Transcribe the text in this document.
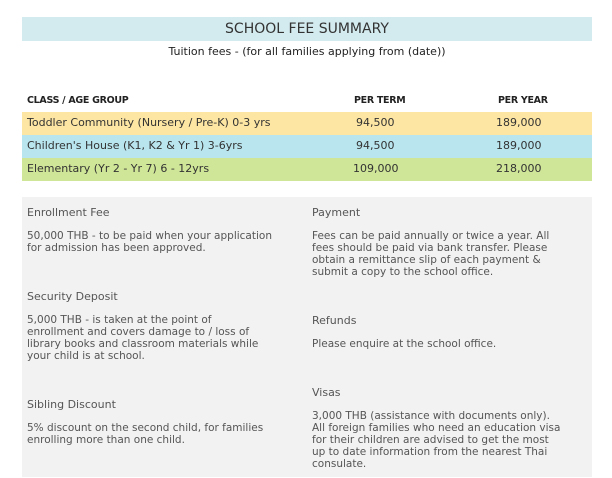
SCHOOL FEE SUMMARY
Tuition fees - (for all families applying from (date))
CLASS / AGE GROUP	PER TERM	PER YEAR
Toddler Community (Nursery / Pre-K) 0-3 yrs	94,500	189,000
Children's House (K1, K2 & Yr 1) 3-6yrs	94,500	189,000
Elementary (Yr 2 - Yr 7) 6 - 12yrs	109,000	218,000
Enrollment Fee
50,000 THB - to be paid when your application
for admission has been approved.
Security Deposit
5,000 THB - is taken at the point of
enrollment and covers damage to / loss of
library books and classroom materials while
your child is at school.
Sibling Discount
5% discount on the second child, for families
enrolling more than one child.
Payment
Fees can be paid annually or twice a year. All
fees should be paid via bank transfer. Please
obtain a remittance slip of each payment &
submit a copy to the school office.
Refunds
Please enquire at the school office.
Visas
3,000 THB (assistance with documents only).
All foreign families who need an education visa
for their children are advised to get the most
up to date information from the nearest Thai
consulate.
